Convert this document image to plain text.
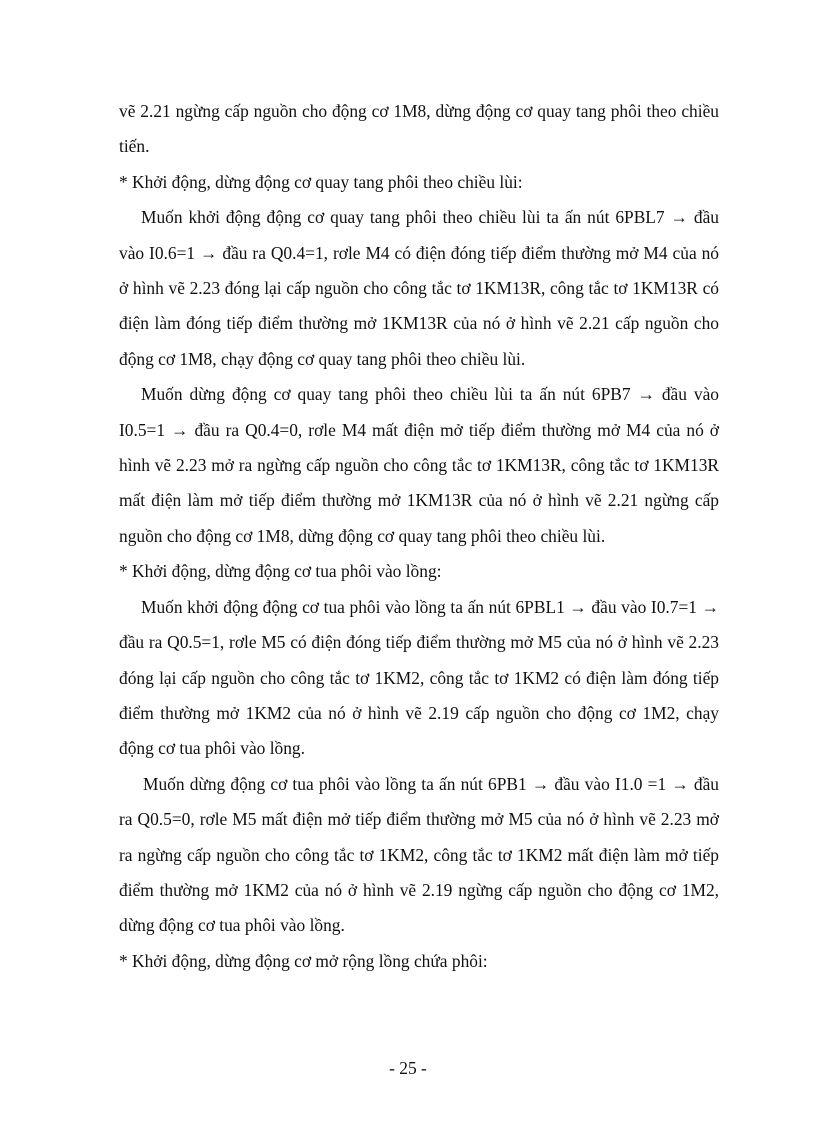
vẽ 2.21 ngừng cấp nguồn cho động cơ 1M8, dừng động cơ quay tang phôi theo chiều tiến.

* Khởi động, dừng động cơ quay tang phôi theo chiều lùi:

Muốn khởi động động cơ quay tang phôi theo chiều lùi ta ấn nút 6PBL7 → đầu vào I0.6=1 → đầu ra Q0.4=1, rơle M4 có điện đóng tiếp điểm thường mở M4 của nó ở hình vẽ 2.23 đóng lại cấp nguồn cho công tắc tơ 1KM13R, công tắc tơ 1KM13R có điện làm đóng tiếp điểm thường mở 1KM13R của nó ở hình vẽ 2.21 cấp nguồn cho động cơ 1M8, chạy động cơ quay tang phôi theo chiều lùi.

Muốn dừng động cơ quay tang phôi theo chiều lùi ta ấn nút 6PB7 → đầu vào I0.5=1 → đầu ra Q0.4=0, rơle M4 mất điện mở tiếp điểm thường mở M4 của nó ở hình vẽ 2.23 mở ra ngừng cấp nguồn cho công tắc tơ 1KM13R, công tắc tơ 1KM13R mất điện làm mở tiếp điểm thường mở 1KM13R của nó ở hình vẽ 2.21 ngừng cấp nguồn cho động cơ 1M8, dừng động cơ quay tang phôi theo chiều lùi.

* Khởi động, dừng động cơ tua phôi vào lồng:

Muốn khởi động động cơ tua phôi vào lồng ta ấn nút 6PBL1 → đầu vào I0.7=1 → đầu ra Q0.5=1, rơle M5 có điện đóng tiếp điểm thường mở M5 của nó ở hình vẽ 2.23 đóng lại cấp nguồn cho công tắc tơ 1KM2, công tắc tơ 1KM2 có điện làm đóng tiếp điểm thường mở 1KM2 của nó ở hình vẽ 2.19 cấp nguồn cho động cơ 1M2, chạy động cơ tua phôi vào lồng.

Muốn dừng động cơ tua phôi vào lồng ta ấn nút 6PB1 → đầu vào I1.0 =1 → đầu ra Q0.5=0, rơle M5 mất điện mở tiếp điểm thường mở M5 của nó ở hình vẽ 2.23 mở ra ngừng cấp nguồn cho công tắc tơ 1KM2, công tắc tơ 1KM2 mất điện làm mở tiếp điểm thường mở 1KM2 của nó ở hình vẽ 2.19 ngừng cấp nguồn cho động cơ 1M2, dừng động cơ tua phôi vào lồng.

* Khởi động, dừng động cơ mở rộng lồng chứa phôi:

- 25 -
